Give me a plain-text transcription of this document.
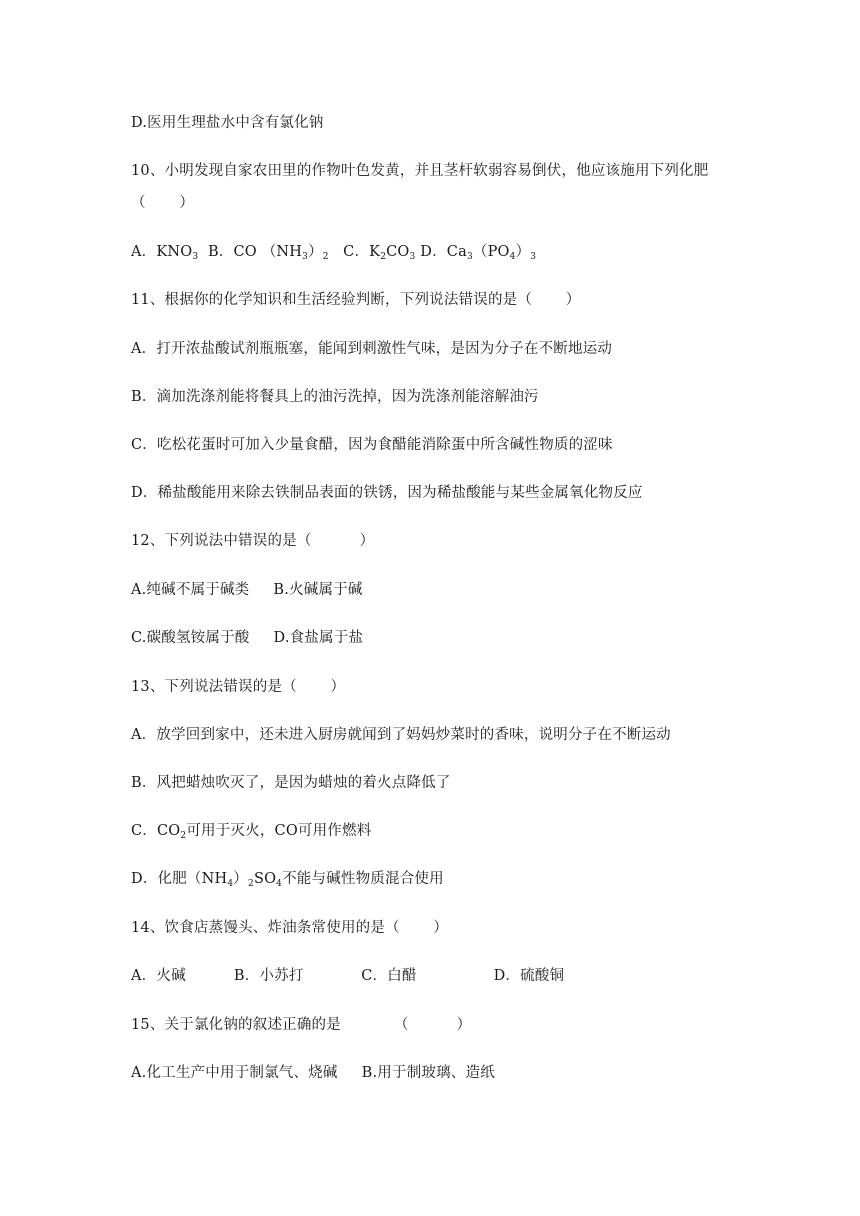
D.医用生理盐水中含有氯化钠
10、小明发现自家农田里的作物叶色发黄，并且茎杆软弱容易倒伏，他应该施用下列化肥
（       ）
A．$KNO_3$  B．CO $(NH_3)_2$   C．$K_2CO_3$ D．$Ca_3(PO_4)_3$
11、根据你的化学知识和生活经验判断，下列说法错误的是（       ）
A．打开浓盐酸试剂瓶瓶塞，能闻到刺激性气味，是因为分子在不断地运动
B．滴加洗涤剂能将餐具上的油污洗掉，因为洗涤剂能溶解油污
C．吃松花蛋时可加入少量食醋，因为食醋能消除蛋中所含碱性物质的涩味
D．稀盐酸能用来除去铁制品表面的铁锈，因为稀盐酸能与某些金属氧化物反应
12、下列说法中错误的是（          ）
A.纯碱不属于碱类     B.火碱属于碱
C.碳酸氢铵属于酸     D.食盐属于盐
13、下列说法错误的是（       ）
A．放学回到家中，还未进入厨房就闻到了妈妈炒菜时的香味，说明分子在不断运动
B．风把蜡烛吹灭了，是因为蜡烛的着火点降低了
C．$CO_2$可用于灭火，CO可用作燃料
D．化肥$(NH_4)_2SO_4$不能与碱性物质混合使用
14、饮食店蒸馒头、炸油条常使用的是（       ）
A．火碱          B．小苏打            C．白醋                D．硫酸铜
15、关于氯化钠的叙述正确的是           （          ）
A.化工生产中用于制氯气、烧碱     B.用于制玻璃、造纸
